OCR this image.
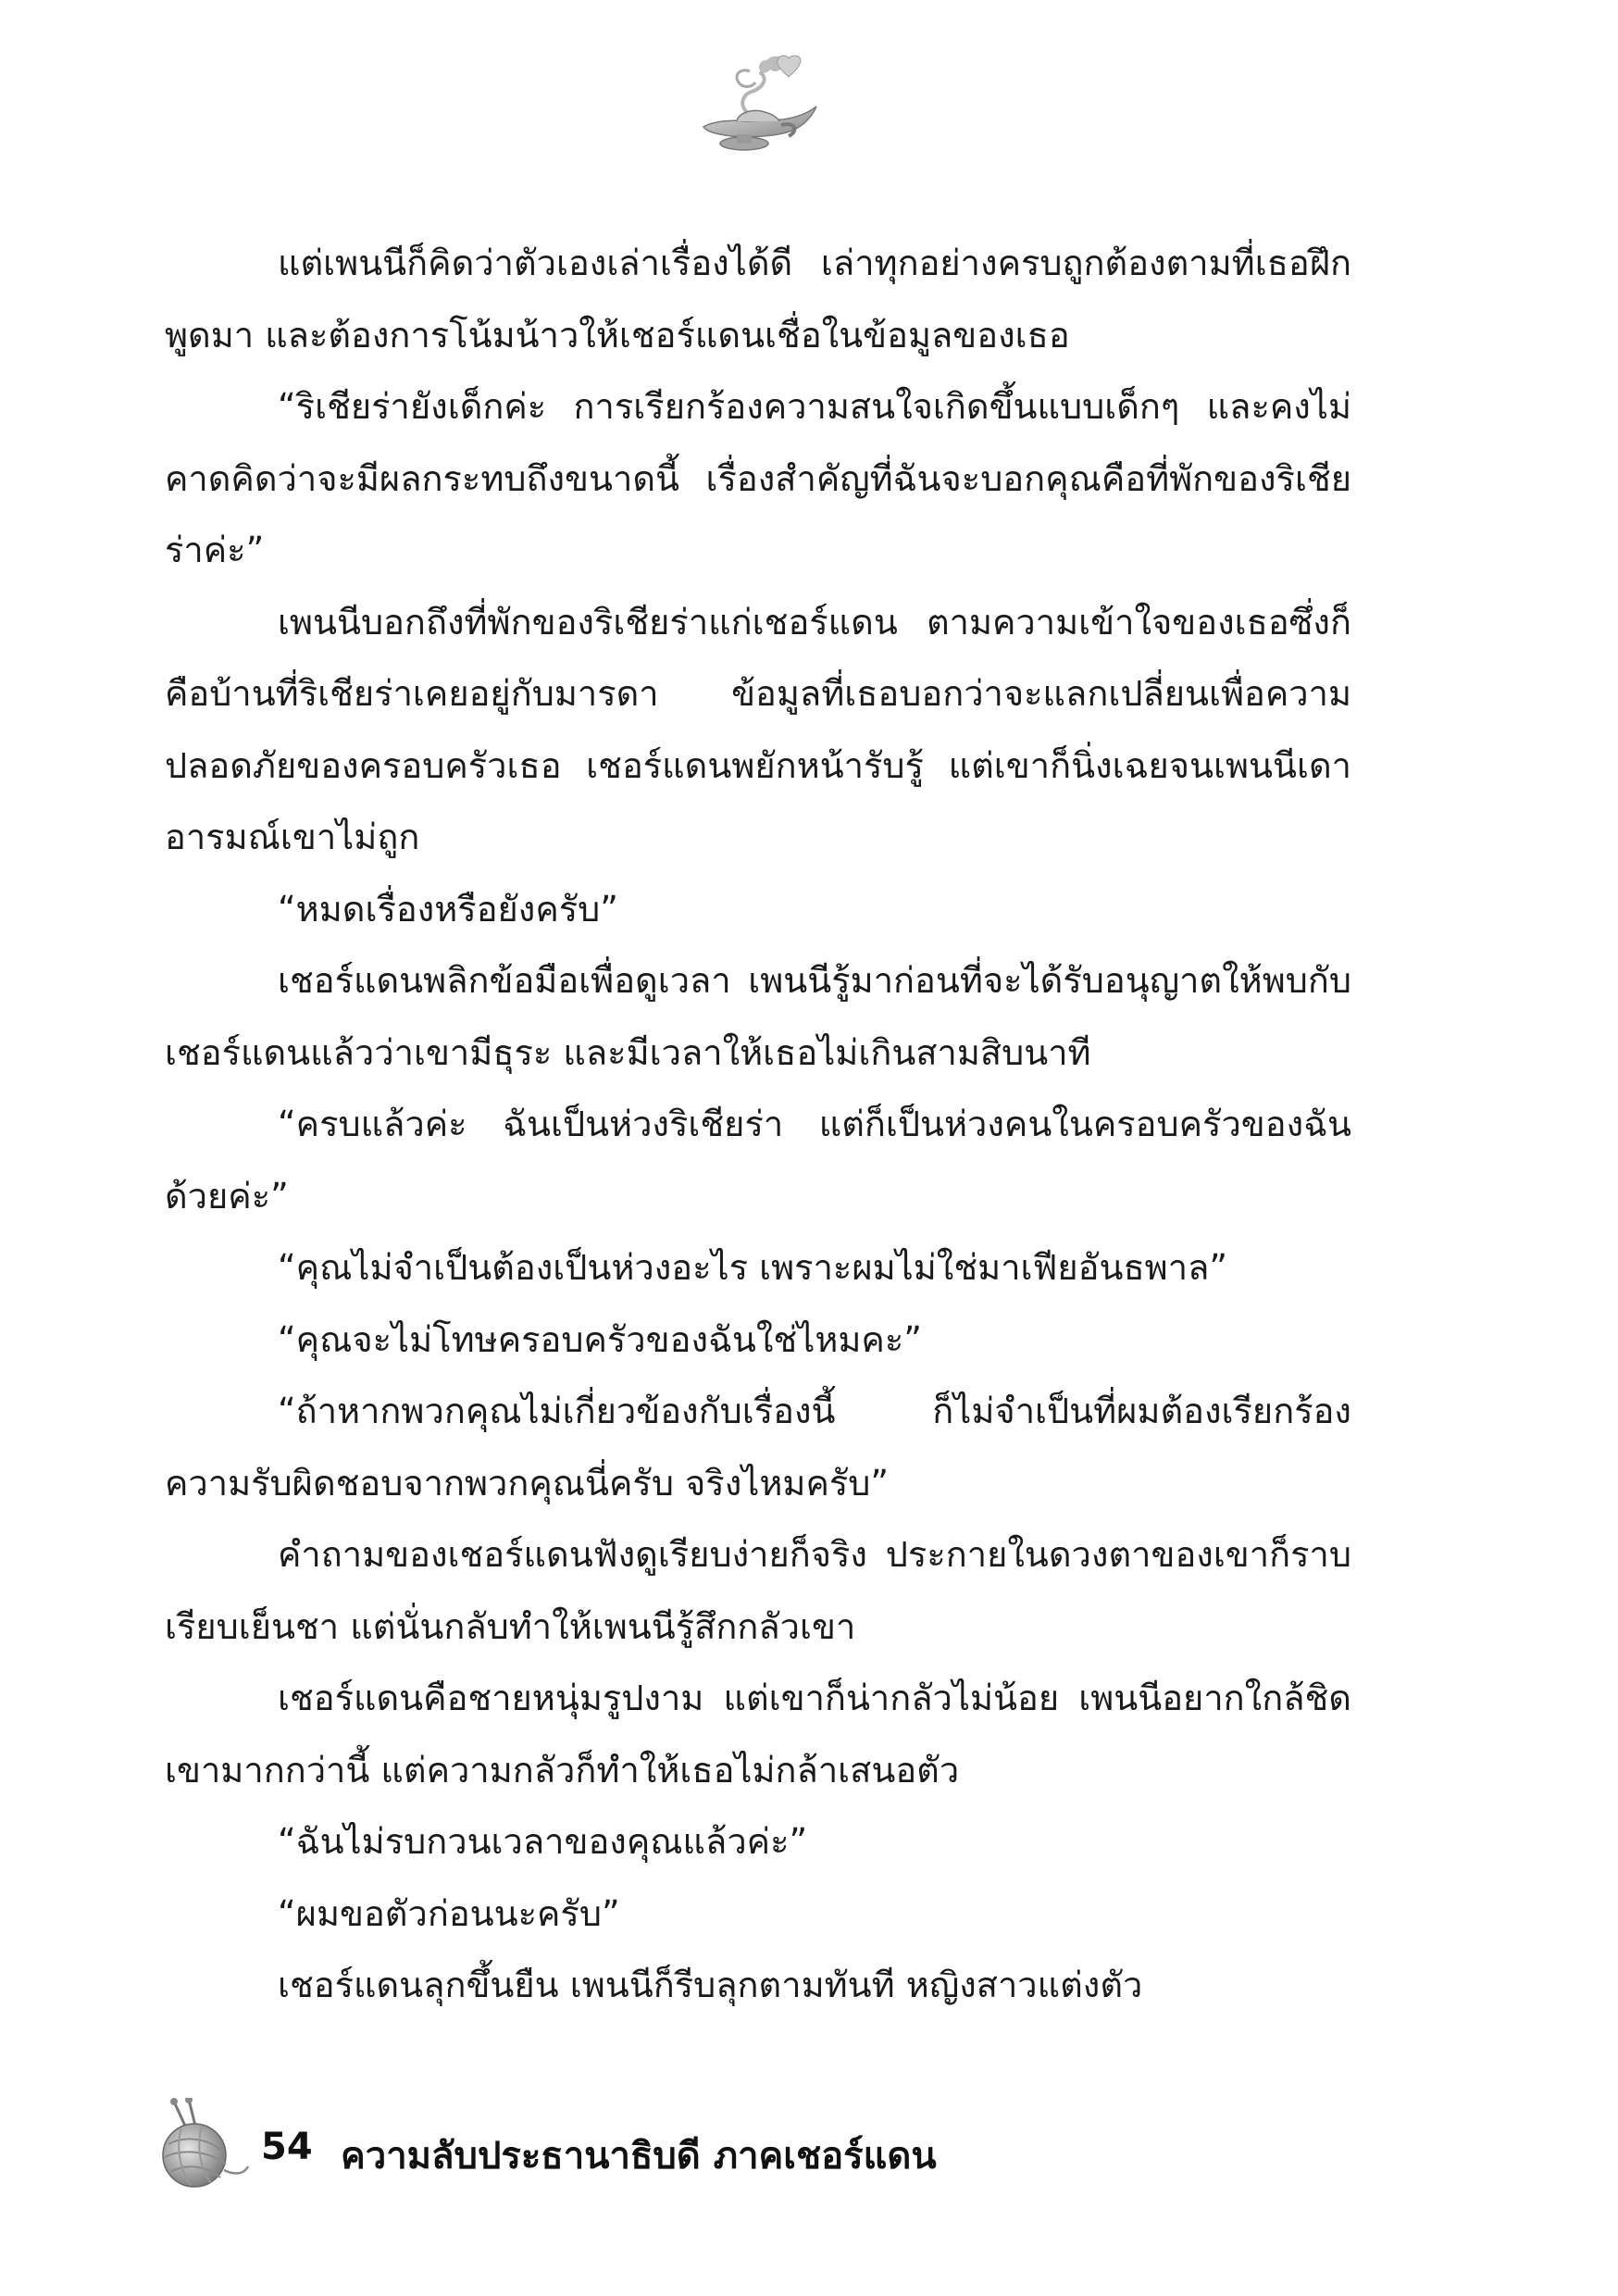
แต่เพนนีก็คิดว่าตัวเองเล่าเรื่องได้ดี เล่าทุกอย่างครบถูกต้องตามที่เธอฝึกพูดมา และต้องการโน้มน้าวให้เชอร์แดนเชื่อในข้อมูลของเธอ

“ริเชียร่ายังเด็กค่ะ การเรียกร้องความสนใจเกิดขึ้นแบบเด็กๆ และคงไม่คาดคิดว่าจะมีผลกระทบถึงขนาดนี้ เรื่องสำคัญที่ฉันจะบอกคุณคือที่พักของริเชียร่าค่ะ”

เพนนีบอกถึงที่พักของริเชียร่าแก่เชอร์แดน ตามความเข้าใจของเธอซึ่งก็คือบ้านที่ริเชียร่าเคยอยู่กับมารดา ข้อมูลที่เธอบอกว่าจะแลกเปลี่ยนเพื่อความปลอดภัยของครอบครัวเธอ เชอร์แดนพยักหน้ารับรู้ แต่เขาก็นิ่งเฉยจนเพนนีเดาอารมณ์เขาไม่ถูก

“หมดเรื่องหรือยังครับ”

เชอร์แดนพลิกข้อมือเพื่อดูเวลา เพนนีรู้มาก่อนที่จะได้รับอนุญาตให้พบกับเชอร์แดนแล้วว่าเขามีธุระ และมีเวลาให้เธอไม่เกินสามสิบนาที

“ครบแล้วค่ะ ฉันเป็นห่วงริเชียร่า แต่ก็เป็นห่วงคนในครอบครัวของฉันด้วยค่ะ”

“คุณไม่จำเป็นต้องเป็นห่วงอะไร เพราะผมไม่ใช่มาเฟียอันธพาล”

“คุณจะไม่โทษครอบครัวของฉันใช่ไหมคะ”

“ถ้าหากพวกคุณไม่เกี่ยวข้องกับเรื่องนี้ ก็ไม่จำเป็นที่ผมต้องเรียกร้องความรับผิดชอบจากพวกคุณนี่ครับ จริงไหมครับ”

คำถามของเชอร์แดนฟังดูเรียบง่ายก็จริง ประกายในดวงตาของเขาก็ราบเรียบเย็นชา แต่นั่นกลับทำให้เพนนีรู้สึกกลัวเขา

เชอร์แดนคือชายหนุ่มรูปงาม แต่เขาก็น่ากลัวไม่น้อย เพนนีอยากใกล้ชิดเขามากกว่านี้ แต่ความกลัวก็ทำให้เธอไม่กล้าเสนอตัว

“ฉันไม่รบกวนเวลาของคุณแล้วค่ะ”

“ผมขอตัวก่อนนะครับ”

เชอร์แดนลุกขึ้นยืน เพนนีก็รีบลุกตามทันที หญิงสาวแต่งตัว

54 ความลับประธานาธิบดี ภาคเชอร์แดน
